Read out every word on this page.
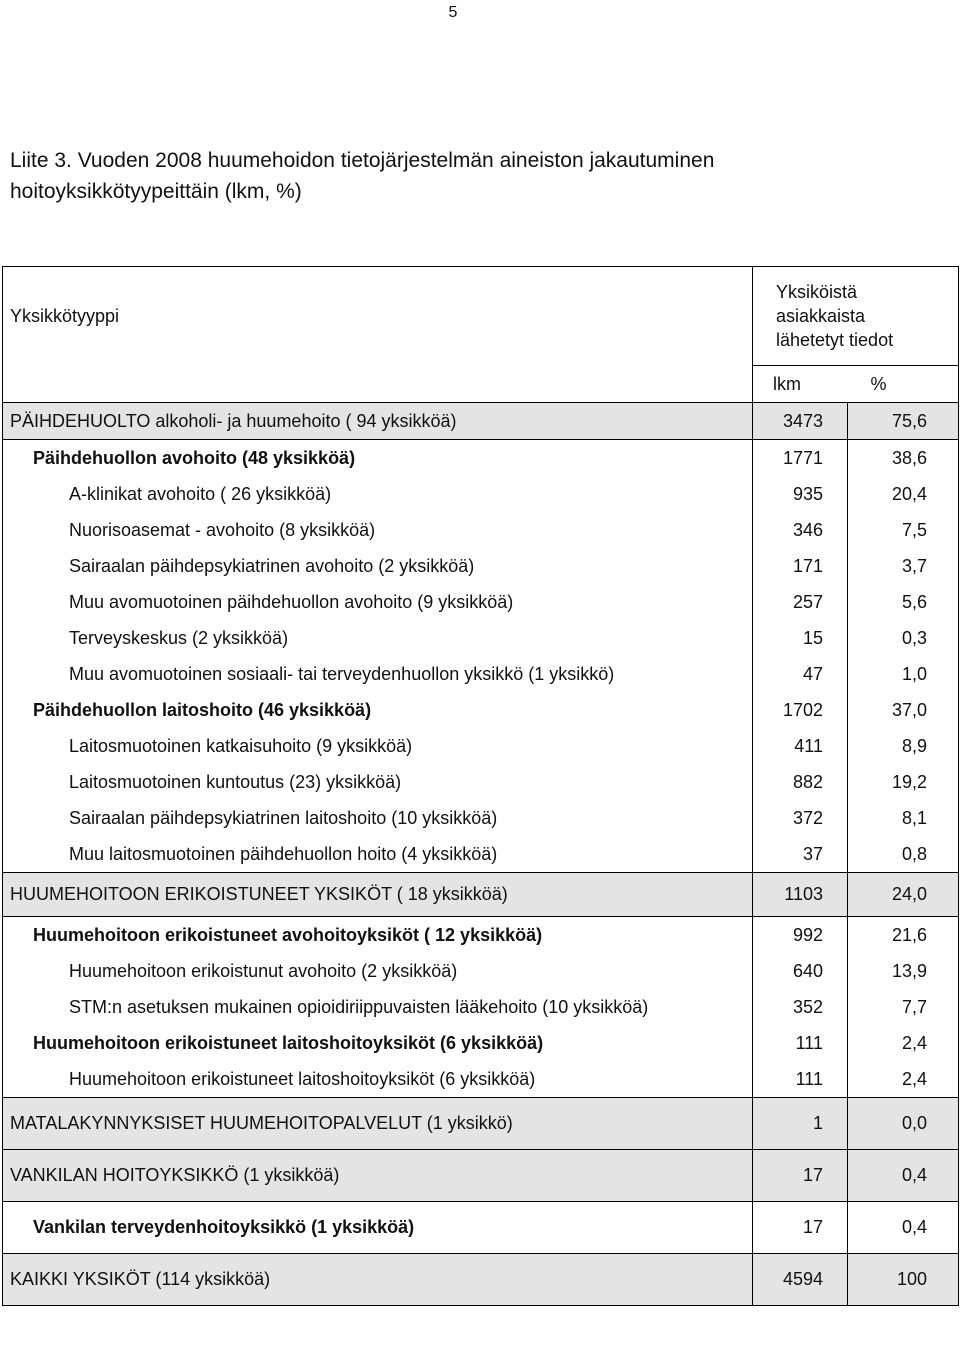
5
Liite 3. Vuoden 2008 huumehoidon tietojärjestelmän aineiston jakautuminen
hoitoyksikkötyypeittäin (lkm, %)
Yksikkötyyppi	Yksiköistä
asiakkaista
lähetetyt tiedot	
	lkm	%
PÄIHDEHUOLTO alkoholi- ja huumehoito ( 94 yksikköä)	3473	75,6
Päihdehuollon avohoito (48 yksikköä)	1771	38,6
A-klinikat avohoito ( 26 yksikköä)	935	20,4
Nuorisoasemat - avohoito (8 yksikköä)	346	7,5
Sairaalan päihdepsykiatrinen avohoito (2 yksikköä)	171	3,7
Muu avomuotoinen päihdehuollon avohoito (9 yksikköä)	257	5,6
Terveyskeskus (2 yksikköä)	15	0,3
Muu avomuotoinen sosiaali- tai terveydenhuollon yksikkö (1 yksikkö)	47	1,0
Päihdehuollon laitoshoito (46 yksikköä)	1702	37,0
Laitosmuotoinen katkaisuhoito (9 yksikköä)	411	8,9
Laitosmuotoinen kuntoutus (23) yksikköä)	882	19,2
Sairaalan päihdepsykiatrinen laitoshoito (10 yksikköä)	372	8,1
Muu laitosmuotoinen päihdehuollon hoito (4 yksikköä)	37	0,8
HUUMEHOITOON ERIKOISTUNEET YKSIKÖT ( 18 yksikköä)	1103	24,0
Huumehoitoon erikoistuneet avohoitoyksiköt ( 12 yksikköä)	992	21,6
Huumehoitoon erikoistunut avohoito (2 yksikköä)	640	13,9
STM:n asetuksen mukainen opioidiriippuvaisten lääkehoito (10 yksikköä)	352	7,7
Huumehoitoon erikoistuneet laitoshoitoyksiköt (6 yksikköä)	111	2,4
Huumehoitoon erikoistuneet laitoshoitoyksiköt (6 yksikköä)	111	2,4
MATALAKYNNYKSISET HUUMEHOITOPALVELUT (1 yksikkö)	1	0,0
VANKILAN HOITOYKSIKKÖ (1 yksikköä)	17	0,4
Vankilan terveydenhoitoyksikkö (1 yksikköä)	17	0,4
KAIKKI YKSIKÖT (114 yksikköä)	4594	100
